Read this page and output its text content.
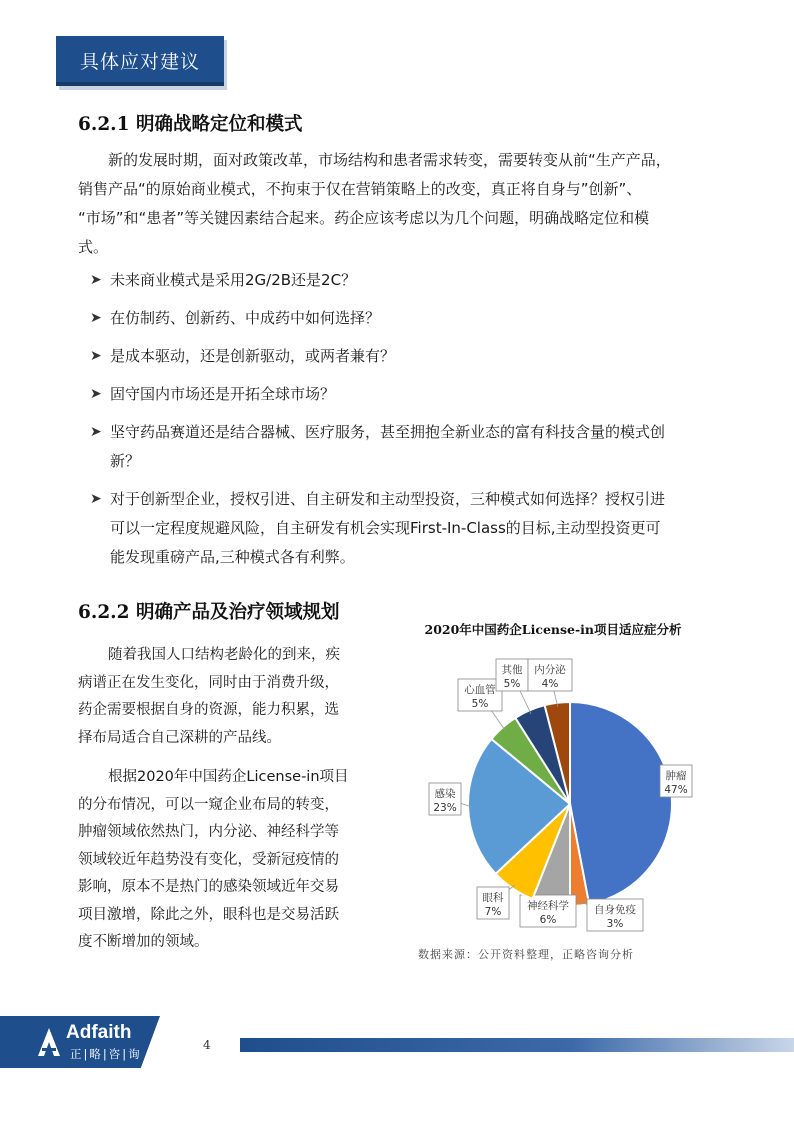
具体应对建议
6.2.1 明确战略定位和模式
新的发展时期，面对政策改革，市场结构和患者需求转变，需要转变从前“生产产品，
销售产品“的原始商业模式，不拘束于仅在营销策略上的改变，真正将自身与”创新”、
“市场”和“患者”等关键因素结合起来。药企应该考虑以为几个问题，明确战略定位和模
式。
➤ 未来商业模式是采用2G/2B还是2C？
➤ 在仿制药、创新药、中成药中如何选择？
➤ 是成本驱动，还是创新驱动，或两者兼有？
➤ 固守国内市场还是开拓全球市场？
➤ 坚守药品赛道还是结合器械、医疗服务，甚至拥抱全新业态的富有科技含量的模式创
新？
➤ 对于创新型企业，授权引进、自主研发和主动型投资，三种模式如何选择？授权引进
可以一定程度规避风险，自主研发有机会实现First-In-Class的目标,主动型投资更可
能发现重磅产品,三种模式各有利弊。
6.2.2 明确产品及治疗领域规划
随着我国人口结构老龄化的到来，疾
病谱正在发生变化，同时由于消费升级，
药企需要根据自身的资源，能力积累，选
择布局适合自己深耕的产品线。
根据2020年中国药企License-in项目
的分布情况，可以一窥企业布局的转变，
肿瘤领域依然热门，内分泌、神经科学等
领域较近年趋势没有变化，受新冠疫情的
影响，原本不是热门的感染领域近年交易
项目激增，除此之外，眼科也是交易活跃
度不断增加的领域。
2020年中国药企License-in项目适应症分析
肿瘤
47%
自身免疫
3%
神经科学
6%
眼科
7%
感染
23%
心血管
5%
其他
5%
内分泌
4%
数据来源：公开资料整理，正略咨询分析
Adfaith
正|略|咨|询
4
